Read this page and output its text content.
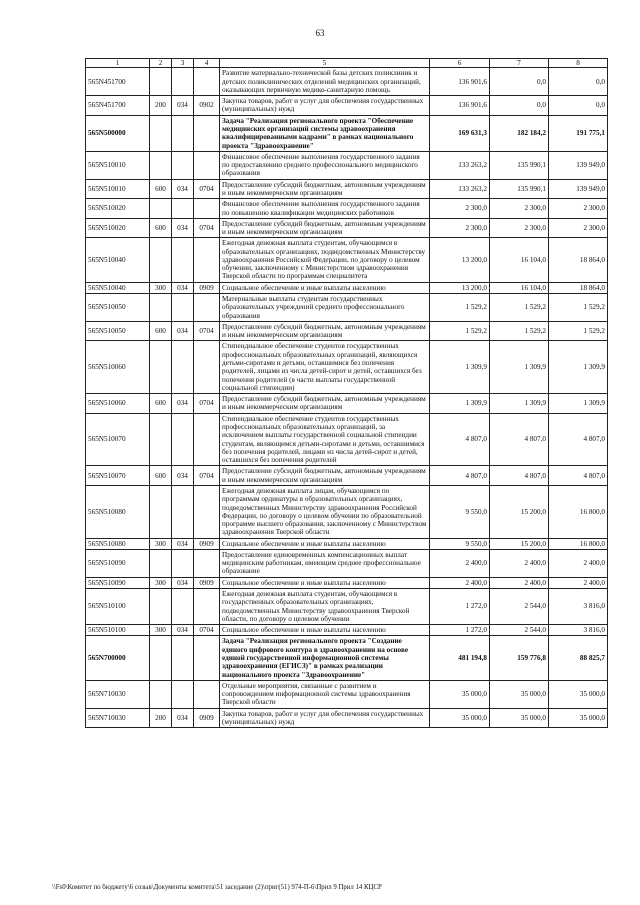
63
1	2	3	4	5	6	7	8
565N451700				Развитие материально-технической базы детских поликлиник и детских поликлинических отделений медицинских организаций, оказывающих первичную медико-санитарную помощь	136 901,6	0,0	0,0
565N451700	200	034	0902	Закупка товаров, работ и услуг для обеспечения государственных (муниципальных) нужд	136 901,6	0,0	0,0
565N500000				Задача "Реализация регионального проекта "Обеспечение медицинских организаций системы здравоохранения квалифицированными кадрами" в рамках национального проекта "Здравоохранение"	169 631,3	182 184,2	191 775,1
565N510010				Финансовое обеспечение выполнения государственного задания по предоставлению среднего профессионального медицинского образования	133 263,2	135 990,1	139 949,0
565N510010	600	034	0704	Предоставление субсидий бюджетным, автономным учреждениям и иным некоммерческим организациям	133 263,2	135 990,1	139 949,0
565N510020				Финансовое обеспечение выполнения государственного задания по повышению квалификации медицинских работников	2 300,0	2 300,0	2 300,0
565N510020	600	034	0704	Предоставление субсидий бюджетным, автономным учреждениям и иным некоммерческим организациям	2 300,0	2 300,0	2 300,0
565N510040				Ежегодная денежная выплата студентам, обучающимся в образовательных организациях, подведомственных Министерству здравоохранения Российской Федерации, по договору о целевом обучении, заключенному с Министерством здравоохранения Тверской области по программам специалитета	13 200,0	16 104,0	18 864,0
565N510040	300	034	0909	Социальное обеспечение и иные выплаты населению	13 200,0	16 104,0	18 864,0
565N510050				Материальные выплаты студентам государственных образовательных учреждений среднего профессионального образования	1 529,2	1 529,2	1 529,2
565N510050	600	034	0704	Предоставление субсидий бюджетным, автономным учреждениям и иным некоммерческим организациям	1 529,2	1 529,2	1 529,2
565N510060				Стипендиальное обеспечение студентов государственных профессиональных образовательных организаций, являющихся детьми-сиротами и детьми, оставшимися без попечения родителей, лицами из числа детей-сирот и детей, оставшихся без попечения родителей (в части выплаты государственной социальной стипендии)	1 309,9	1 309,9	1 309,9
565N510060	600	034	0704	Предоставление субсидий бюджетным, автономным учреждениям и иным некоммерческим организациям	1 309,9	1 309,9	1 309,9
565N510070				Стипендиальное обеспечение студентов государственных профессиональных образовательных организаций, за исключением выплаты государственной социальной стипендии студентам, являющимся детьми-сиротами и детьми, оставшимися без попечения родителей, лицами из числа детей-сирот и детей, оставшихся без попечения родителей	4 807,0	4 807,0	4 807,0
565N510070	600	034	0704	Предоставление субсидий бюджетным, автономным учреждениям и иным некоммерческим организациям	4 807,0	4 807,0	4 807,0
565N510080				Ежегодная денежная выплата лицам, обучающимся по программам ординатуры в образовательных организациях, подведомственных Министерству здравоохранения Российской Федерации, по договору о целевом обучении по образовательной программе высшего образования, заключенному с Министерством здравоохранения Тверской области	9 550,0	15 200,0	16 800,0
565N510080	300	034	0909	Социальное обеспечение и иные выплаты населению	9 550,0	15 200,0	16 800,0
565N510090				Предоставление единовременных компенсационных выплат медицинским работникам, имеющим среднее профессиональное образование	2 400,0	2 400,0	2 400,0
565N510090	300	034	0909	Социальное обеспечение и иные выплаты населению	2 400,0	2 400,0	2 400,0
565N510100				Ежегодная денежная выплата студентам, обучающимся в государственных образовательных организациях, подведомственных Министерству здравоохранения Тверской области, по договору о целевом обучении	1 272,0	2 544,0	3 816,0
565N510100	300	034	0704	Социальное обеспечение и иные выплаты населению	1 272,0	2 544,0	3 816,0
565N700000				Задача "Реализация регионального проекта "Создание единого цифрового контура в здравоохранении на основе единой государственной информационной системы здравоохранения (ЕГИСЗ)" в рамках реализации национального проекта "Здравоохранение"	481 194,8	159 776,8	88 825,7
565N710030				Отдельные мероприятия, связанные с развитием и сопровождением информационной системы здравоохранения Тверской области	35 000,0	35 000,0	35 000,0
565N710030	200	034	0909	Закупка товаров, работ и услуг для обеспечения государственных (муниципальных) нужд	35 000,0	35 000,0	35 000,0
\\Fs0\Комитет по бюджету\6 созыв\Документы комитета\51 заседание (2)\приг(51) 974-П-6\Прил 9 Прил 14 КЦСР
